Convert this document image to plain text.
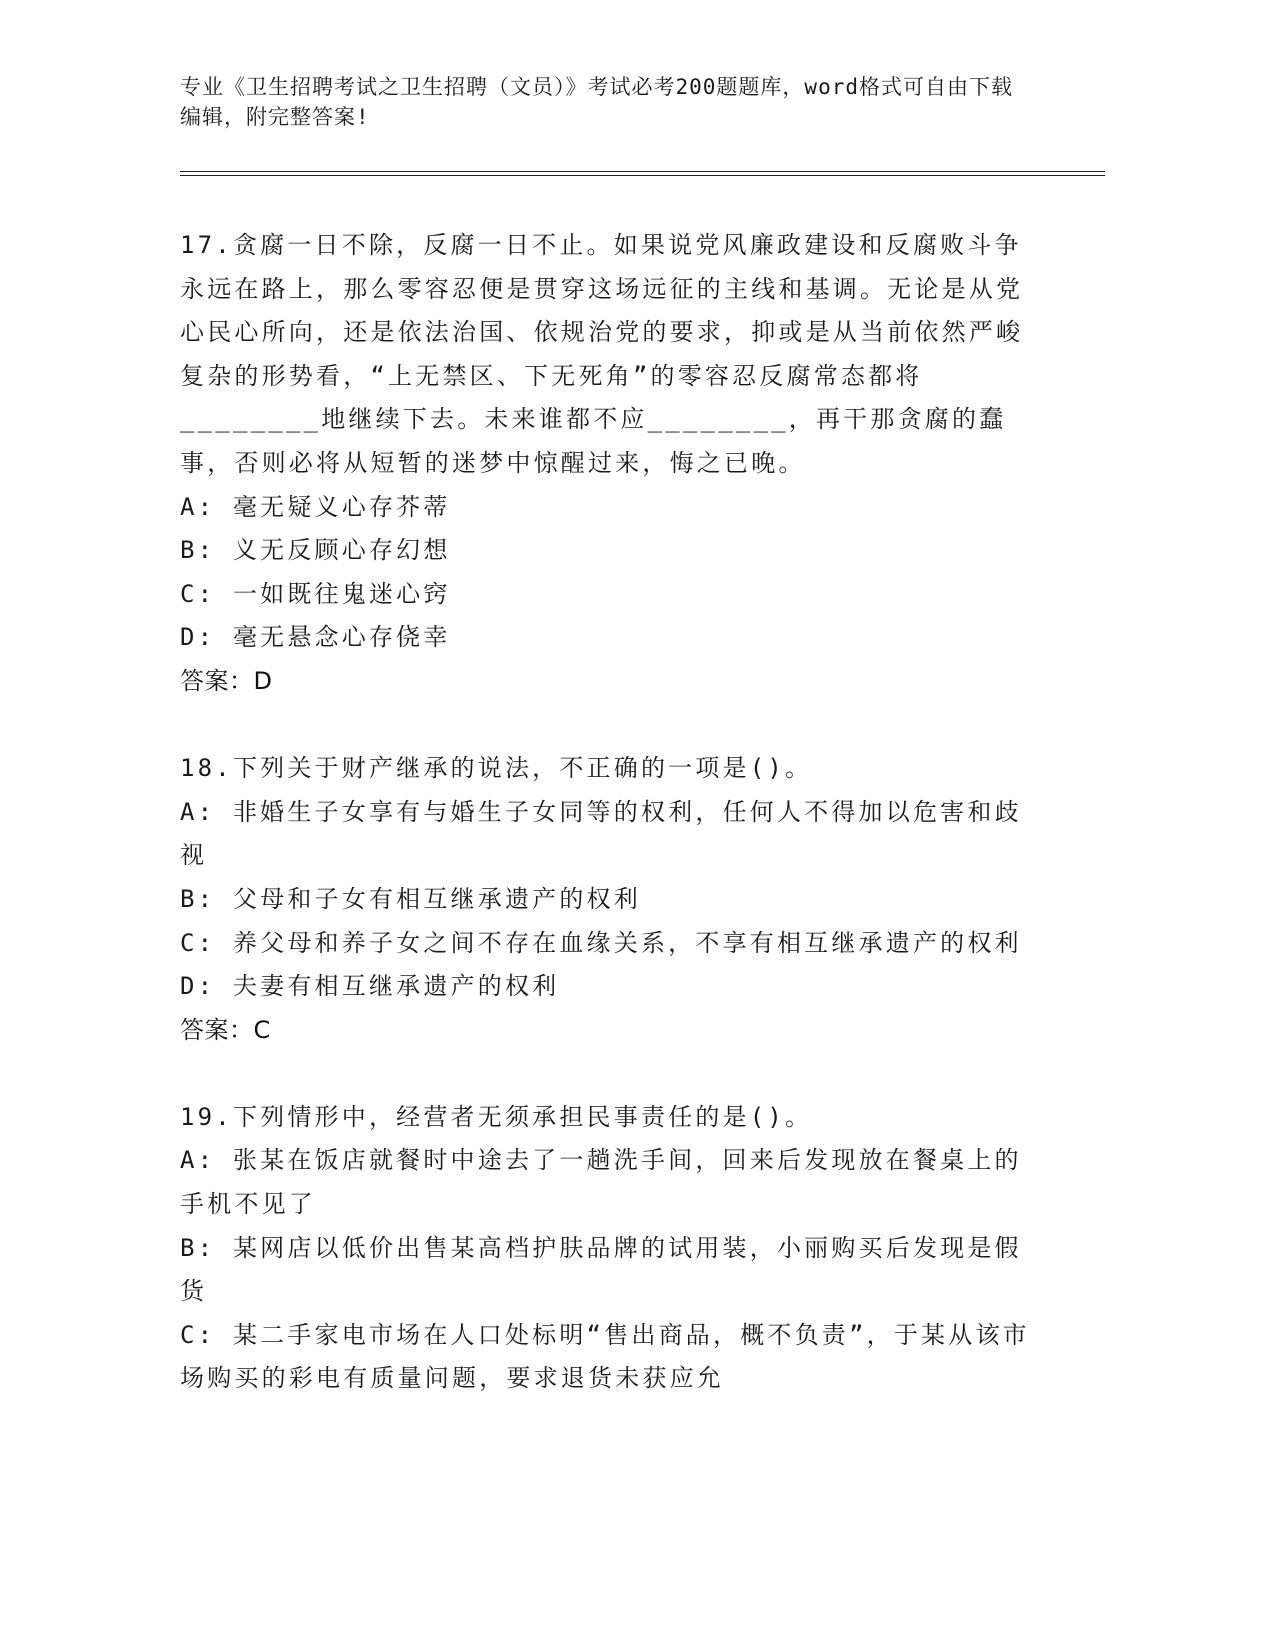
专业《卫生招聘考试之卫生招聘（文员）》考试必考200题题库，word格式可自由下载编辑，附完整答案!

17.贪腐一日不除，反腐一日不止。如果说党风廉政建设和反腐败斗争永远在路上，那么零容忍便是贯穿这场远征的主线和基调。无论是从党心民心所向，还是依法治国、依规治党的要求，抑或是从当前依然严峻复杂的形势看，“上无禁区、下无死角”的零容忍反腐常态都将________地继续下去。未来谁都不应________，再干那贪腐的蠢事，否则必将从短暂的迷梦中惊醒过来，悔之已晚。

A: 毫无疑义心存芥蒂

B: 义无反顾心存幻想

C: 一如既往鬼迷心窍

D: 毫无悬念心存侥幸

答案：D

18.下列关于财产继承的说法，不正确的一项是()。

A: 非婚生子女享有与婚生子女同等的权利，任何人不得加以危害和歧视

B: 父母和子女有相互继承遗产的权利

C: 养父母和养子女之间不存在血缘关系，不享有相互继承遗产的权利

D: 夫妻有相互继承遗产的权利

答案：C

19.下列情形中，经营者无须承担民事责任的是()。

A: 张某在饭店就餐时中途去了一趟洗手间，回来后发现放在餐桌上的手机不见了

B: 某网店以低价出售某高档护肤品牌的试用装，小丽购买后发现是假货

C: 某二手家电市场在人口处标明“售出商品，概不负责”，于某从该市场购买的彩电有质量问题，要求退货未获应允
